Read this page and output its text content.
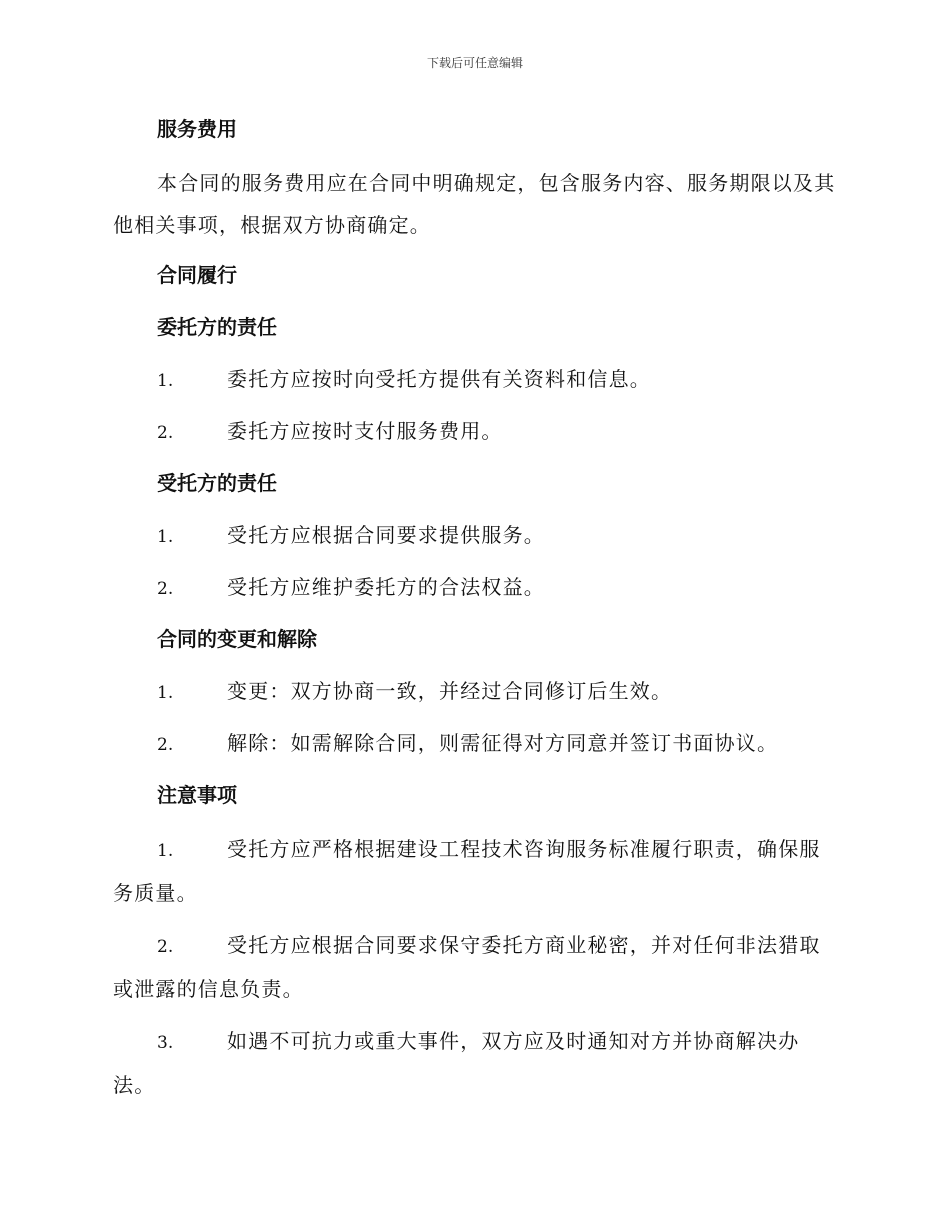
下载后可任意编辑
服务费用

本合同的服务费用应在合同中明确规定，包含服务内容、服务期限以及其他相关事项，根据双方协商确定。

合同履行
委托方的责任
1.	委托方应按时向受托方提供有关资料和信息。
2.	委托方应按时支付服务费用。
受托方的责任
1.	受托方应根据合同要求提供服务。
2.	受托方应维护委托方的合法权益。
合同的变更和解除
1.	变更：双方协商一致，并经过合同修订后生效。
2.	解除：如需解除合同，则需征得对方同意并签订书面协议。
注意事项

1.	受托方应严格根据建设工程技术咨询服务标准履行职责，确保服务质量。

2.	受托方应根据合同要求保守委托方商业秘密，并对任何非法猎取或泄露的信息负责。

3.	如遇不可抗力或重大事件，双方应及时通知对方并协商解决办法。
